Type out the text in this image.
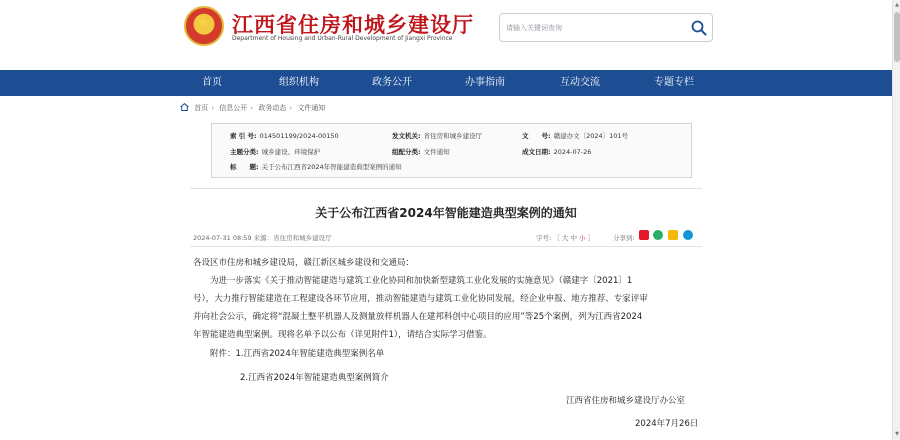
★
江西省住房和城乡建设厅
Department of Housing and Urban-Rural Development of Jiangxi Province
请输入关键词查询
首页	组织机构	政务公开	办事指南	互动交流	专题专栏
首页 › 信息公开 › 政务动态 › 文件通知
索 引 号: 014501199/2024-00150	发文机关: 省住房和城乡建设厅	文　　号: 赣建办文〔2024〕101号
主题分类: 城乡建设、环境保护	组配分类: 文件通知	成文日期: 2024-07-26
标　　题: 关于公布江西省2024年智能建造典型案例的通知
关于公布江西省2024年智能建造典型案例的通知
2024-07-31 08:59 来源：省住房和城乡建设厅	字号: ［ 大 中 小 ］	分享到:
各设区市住房和城乡建设局，赣江新区城乡建设和交通局：
为进一步落实《关于推动智能建造与建筑工业化协同和加快新型建筑工业化发展的实施意见》（赣建字〔2021〕1
号），大力推行智能建造在工程建设各环节应用，推动智能建造与建筑工业化协同发展，经企业申报、地方推荐、专家评审
并向社会公示，确定将“混凝土整平机器人及测量放样机器人在建邦科创中心项目的应用”等25个案例，列为江西省2024
年智能建造典型案例。现将名单予以公布（详见附件1），请结合实际学习借鉴。
附件：1.江西省2024年智能建造典型案例名单
2.江西省2024年智能建造典型案例简介
江西省住房和城乡建设厅办公室
2024年7月26日
▲
▼
